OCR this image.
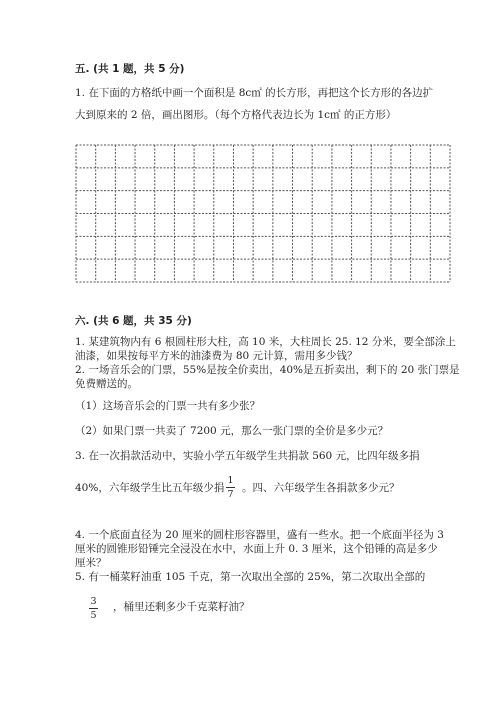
五. (共 1 题，共 5 分)
1. 在下面的方格纸中画一个面积是 8c㎡ 的长方形，再把这个长方形的各边扩
大到原来的 2 倍，画出图形。（每个方格代表边长为 1c㎡ 的正方形）
六. (共 6 题，共 35 分)
1. 某建筑物内有 6 根圆柱形大柱，高 10 米，大柱周长 25. 12 分米，要全部涂上
油漆，如果按每平方米的油漆费为 80 元计算，需用多少钱？
2. 一场音乐会的门票，55%是按全价卖出，40%是五折卖出，剩下的 20 张门票是
免费赠送的。
（1）这场音乐会的门票一共有多少张？
（2）如果门票一共卖了 7200 元，那么一张门票的全价是多少元？
3. 在一次捐款活动中，实验小学五年级学生共捐款 560 元，比四年级多捐
40%，六年级学生比五年级少捐
1
7
。四、六年级学生各捐款多少元？
4. 一个底面直径为 20 厘米的圆柱形容器里，盛有一些水。把一个底面半径为 3
厘米的圆锥形铅锤完全浸没在水中，水面上升 0. 3 厘米，这个铅锤的高是多少
厘米？
5. 有一桶菜籽油重 105 千克，第一次取出全部的 25%，第二次取出全部的
3
5
，桶里还剩多少千克菜籽油？
